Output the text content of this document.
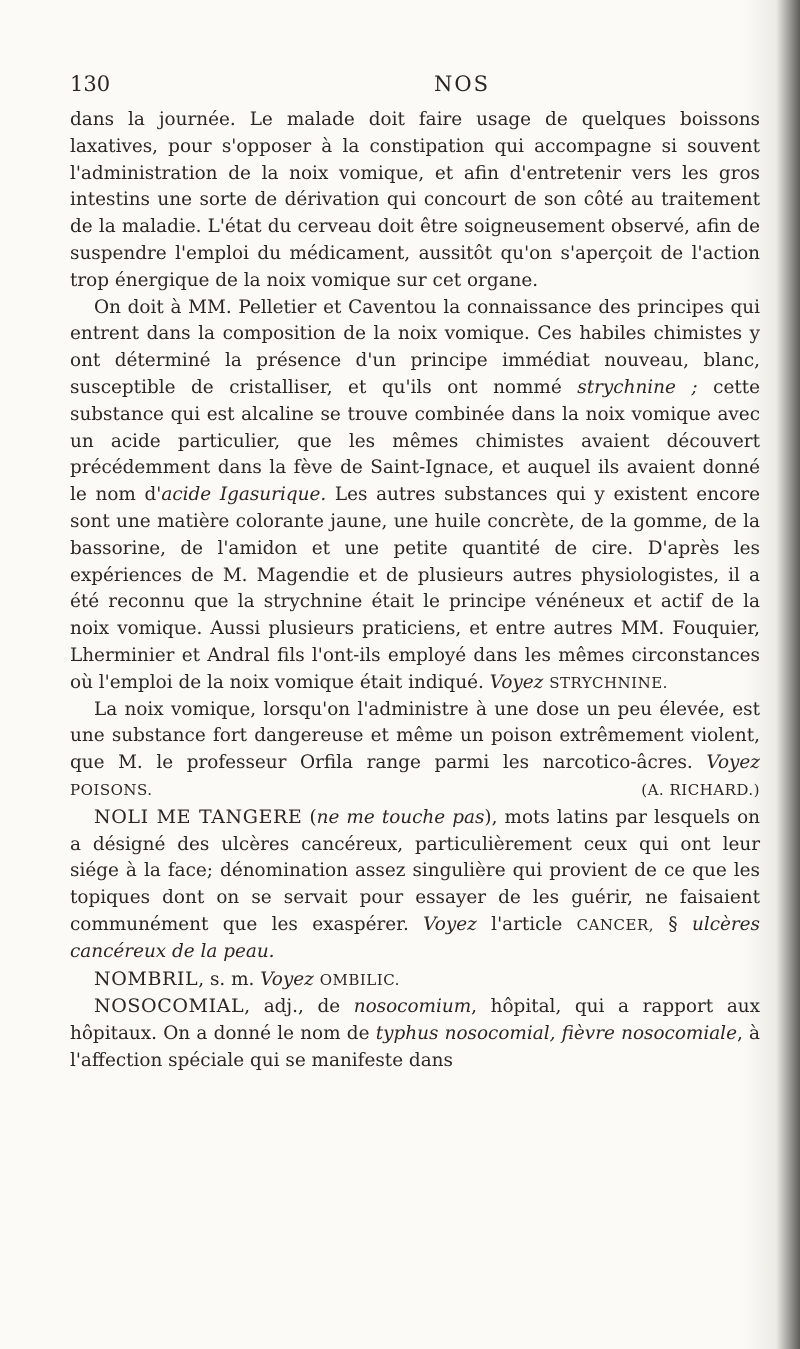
130	NOS

dans la journée. Le malade doit faire usage de quelques boissons laxatives, pour s'opposer à la constipation qui accompagne si souvent l'administration de la noix vomique, et afin d'entretenir vers les gros intestins une sorte de dérivation qui concourt de son côté au traitement de la maladie. L'état du cerveau doit être soigneusement observé, afin de suspendre l'emploi du médicament, aussitôt qu'on s'aperçoit de l'action trop énergique de la noix vomique sur cet organe.

On doit à MM. Pelletier et Caventou la connaissance des principes qui entrent dans la composition de la noix vomique. Ces habiles chimistes y ont déterminé la présence d'un principe immédiat nouveau, blanc, susceptible de cristalliser, et qu'ils ont nommé strychnine ; cette substance qui est alcaline se trouve combinée dans la noix vomique avec un acide particulier, que les mêmes chimistes avaient découvert précédemment dans la fève de Saint-Ignace, et auquel ils avaient donné le nom d'acide Igasurique. Les autres substances qui y existent encore sont une matière colorante jaune, une huile concrète, de la gomme, de la bassorine, de l'amidon et une petite quantité de cire. D'après les expériences de M. Magendie et de plusieurs autres physiologistes, il a été reconnu que la strychnine était le principe vénéneux et actif de la noix vomique. Aussi plusieurs praticiens, et entre autres MM. Fouquier, Lherminier et Andral fils l'ont-ils employé dans les mêmes circonstances où l'emploi de la noix vomique était indiqué. Voyez STRYCHNINE.

La noix vomique, lorsqu'on l'administre à une dose un peu élevée, est une substance fort dangereuse et même un poison extrêmement violent, que M. le professeur Orfila range parmi les narcotico-âcres. Voyez POISONS.	(A. RICHARD.)

NOLI ME TANGERE (ne me touche pas), mots latins par lesquels on a désigné des ulcères cancéreux, particulièrement ceux qui ont leur siége à la face; dénomination assez singulière qui provient de ce que les topiques dont on se servait pour essayer de les guérir, ne faisaient communément que les exaspérer. Voyez l'article CANCER, § ulcères cancéreux de la peau.

NOMBRIL, s. m. Voyez OMBILIC.

NOSOCOMIAL, adj., de nosocomium, hôpital, qui a rapport aux hôpitaux. On a donné le nom de typhus nosocomial, fièvre nosocomiale, à l'affection spéciale qui se manifeste dans
